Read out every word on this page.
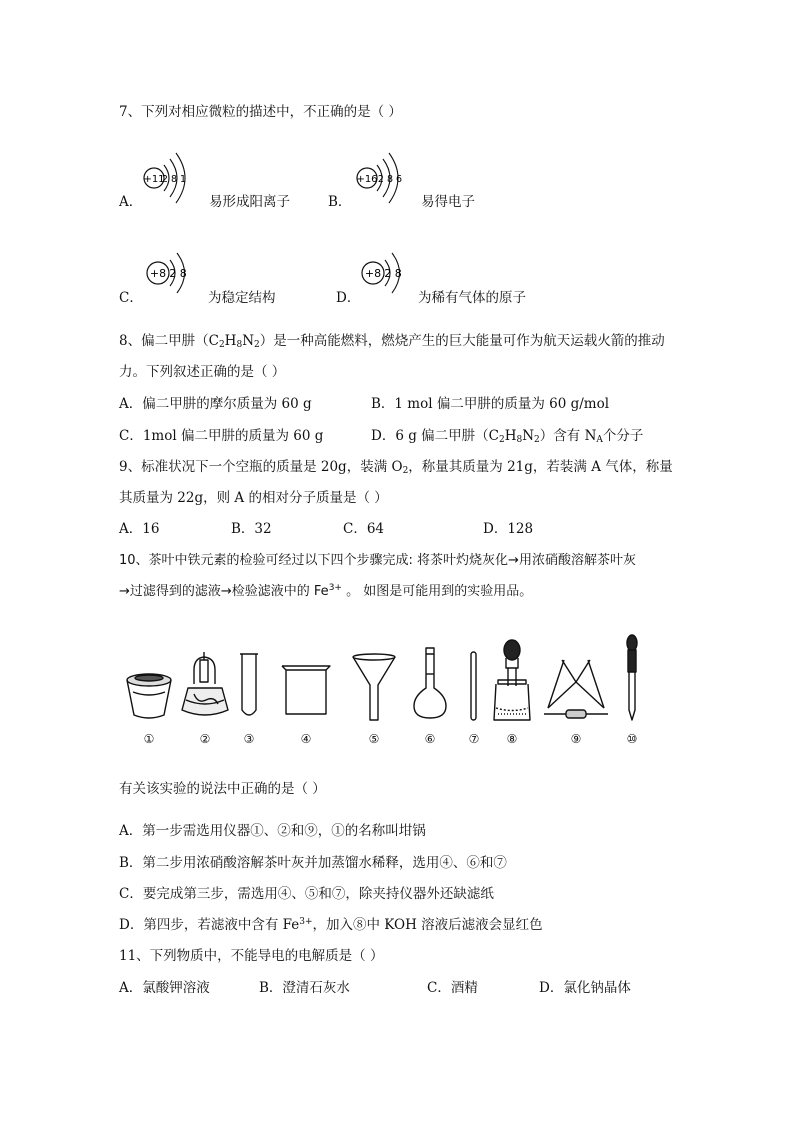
7、下列对相应微粒的描述中，不正确的是（ ）
A．
+11
2 8 1
易形成阳离子	B．
+16 2 8 6
易得电子
C．
+8 2 8
为稳定结构	D．
+8 2 8
为稀有气体的原子
8、偏二甲肼$(C_2H_8N_2)$是一种高能燃料，燃烧产生的巨大能量可作为航天运载火箭的推动
力。下列叙述正确的是（ ）
A．偏二甲肼的摩尔质量为 60 g	B．1 mol 偏二甲肼的质量为 60 g/mol
C．1mol 偏二甲肼的质量为 60 g	D．6 g 偏二甲肼$(C_2H_8N_2)$含有 $N_A$个分子
9、标准状况下一个空瓶的质量是 20g，装满 $O_2$，称量其质量为 21g，若装满 A 气体，称量
其质量为 22g，则 A 的相对分子质量是（ ）
A．16	B．32	C．64	D．128
10、茶叶中铁元素的检验可经过以下四个步骤完成: 将茶叶灼烧灰化→用浓硝酸溶解茶叶灰
→过滤得到的滤液→检验滤液中的 $Fe^{3+}$ 。 如图是可能用到的实验用品。
①	②	③	④	⑤	⑥	⑦ ⑧	⑨	⑩
有关该实验的说法中正确的是（ ）
A．第一步需选用仪器①、②和⑨，①的名称叫坩锅
B．第二步用浓硝酸溶解茶叶灰并加蒸馏水稀释，选用④、⑥和⑦
C．要完成第三步，需选用④、⑤和⑦，除夹持仪器外还缺滤纸
D．第四步，若滤液中含有 $Fe^{3+}$，加入⑧中 KOH 溶液后滤液会显红色
11、下列物质中，不能导电的电解质是（ ）
A．氯酸钾溶液	B．澄清石灰水	C．酒精	D．氯化钠晶体
